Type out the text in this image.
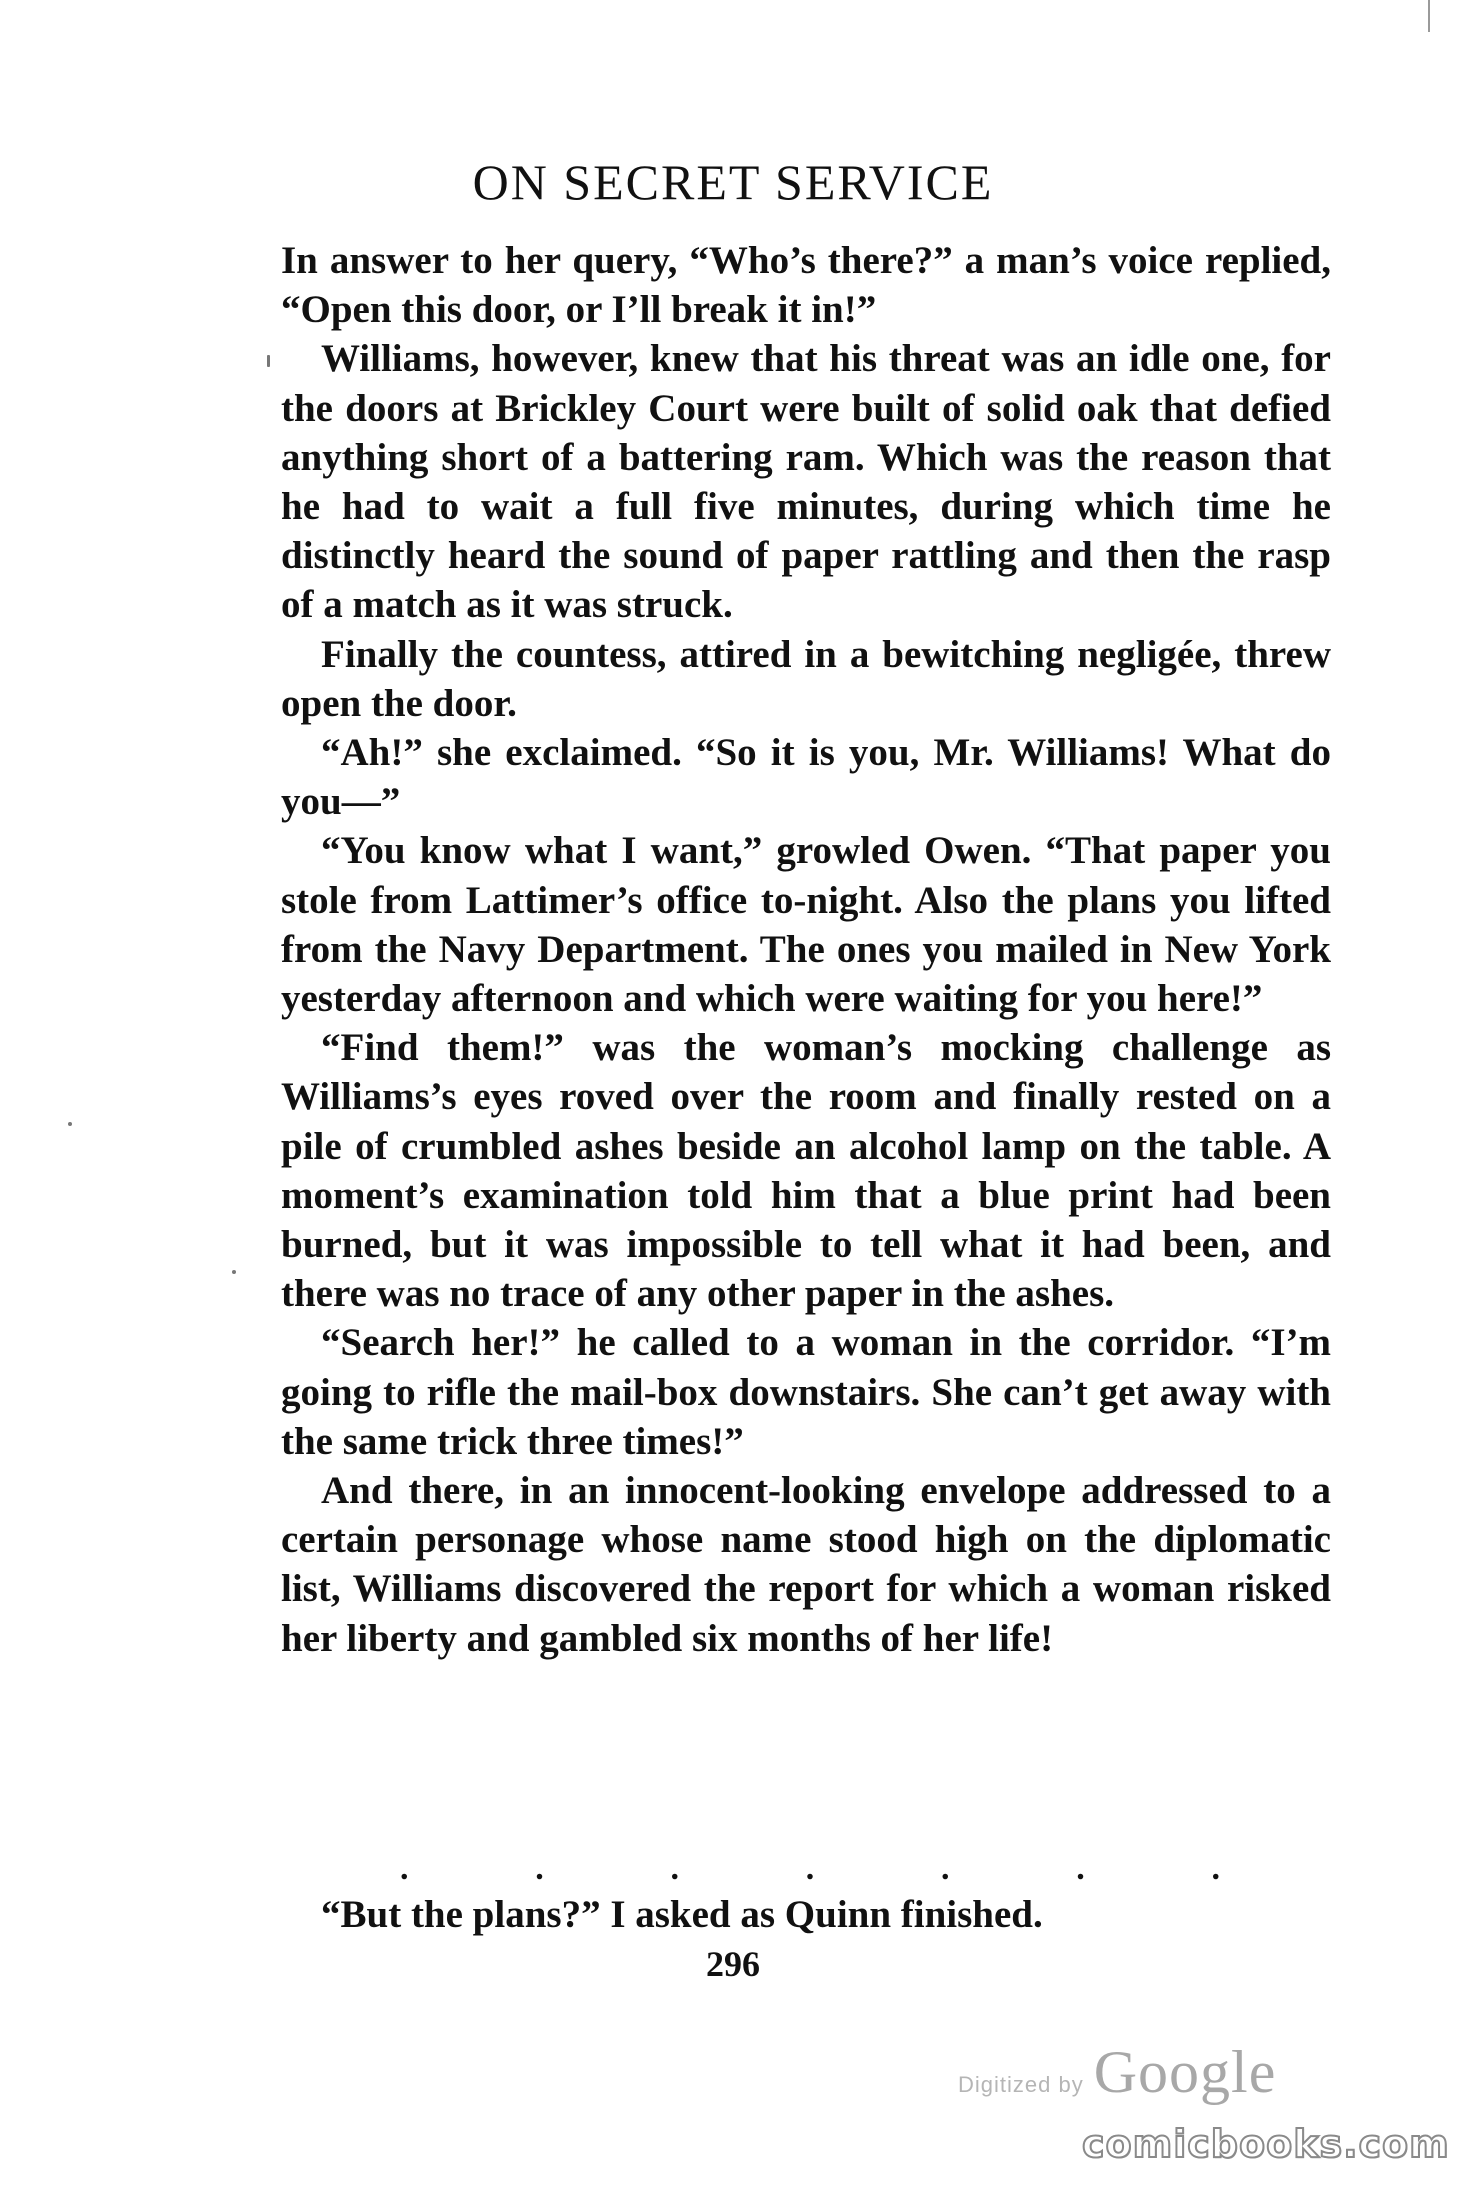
ON SECRET SERVICE

In answer to her query, “Who’s there?” a man’s voice replied, “Open this door, or I’ll break it in!”

Williams, however, knew that his threat was an idle one, for the doors at Brickley Court were built of solid oak that defied anything short of a battering ram. Which was the reason that he had to wait a full five minutes, during which time he distinctly heard the sound of paper rattling and then the rasp of a match as it was struck.

Finally the countess, attired in a bewitching negligée, threw open the door.

“Ah!” she exclaimed. “So it is you, Mr. Williams! What do you—”

“You know what I want,” growled Owen. “That paper you stole from Lattimer’s office to-night. Also the plans you lifted from the Navy Department. The ones you mailed in New York yesterday afternoon and which were waiting for you here!”

“Find them!” was the woman’s mocking challenge as Williams’s eyes roved over the room and finally rested on a pile of crumbled ashes beside an alcohol lamp on the table. A moment’s examination told him that a blue print had been burned, but it was impossible to tell what it had been, and there was no trace of any other paper in the ashes.

“Search her!” he called to a woman in the corridor. “I’m going to rifle the mail-box downstairs. She can’t get away with the same trick three times!”

And there, in an innocent-looking envelope addressed to a certain personage whose name stood high on the diplomatic list, Williams discovered the report for which a woman risked her liberty and gambled six months of her life!

.	.	.	.	.	.	.
“But the plans?” I asked as Quinn finished.
296
Digitized by Google
comicbooks.com
